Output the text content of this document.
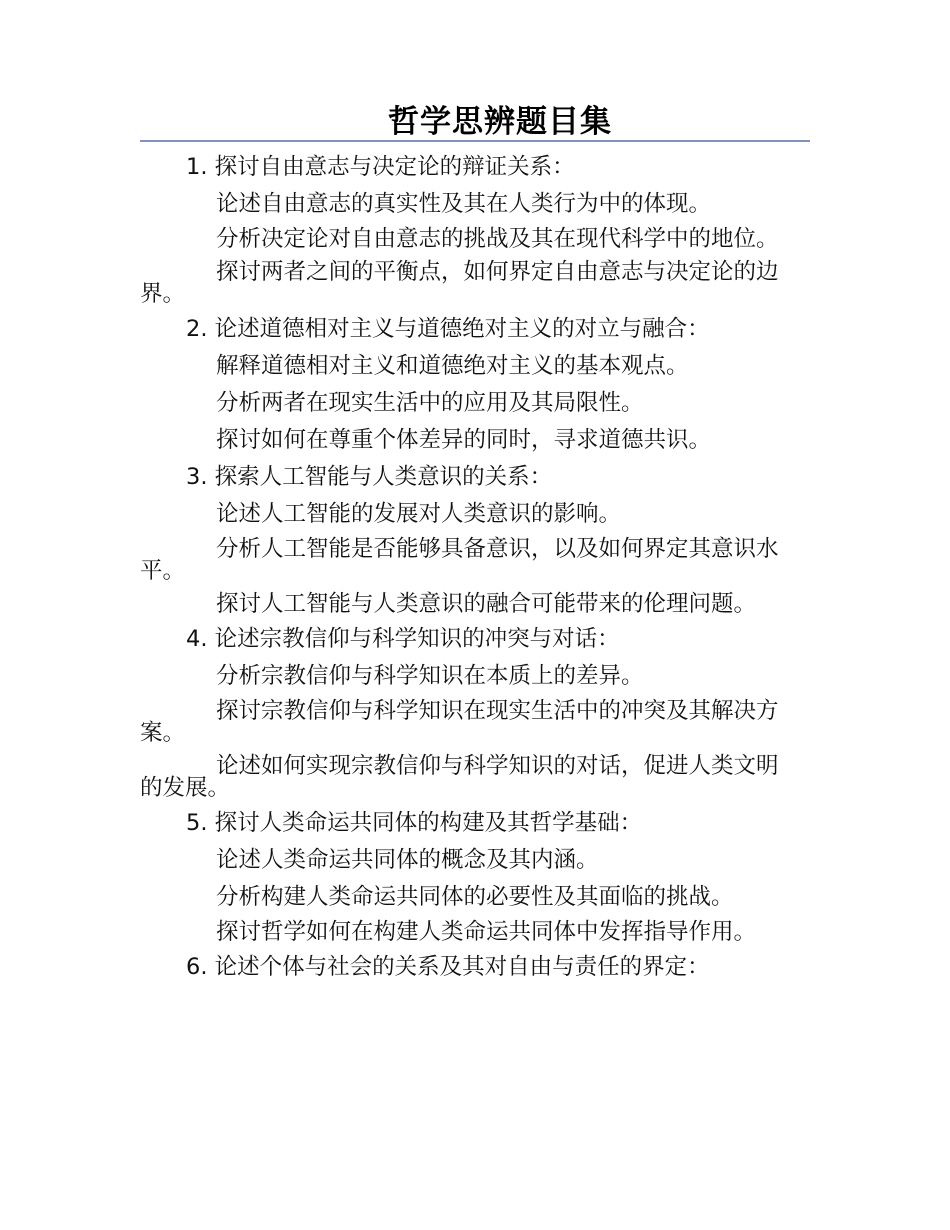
哲学思辨题目集
1. 探讨自由意志与决定论的辩证关系：
论述自由意志的真实性及其在人类行为中的体现。
分析决定论对自由意志的挑战及其在现代科学中的地位。
探讨两者之间的平衡点，如何界定自由意志与决定论的边界。
2. 论述道德相对主义与道德绝对主义的对立与融合：
解释道德相对主义和道德绝对主义的基本观点。
分析两者在现实生活中的应用及其局限性。
探讨如何在尊重个体差异的同时，寻求道德共识。
3. 探索人工智能与人类意识的关系：
论述人工智能的发展对人类意识的影响。
分析人工智能是否能够具备意识，以及如何界定其意识水平。
探讨人工智能与人类意识的融合可能带来的伦理问题。
4. 论述宗教信仰与科学知识的冲突与对话：
分析宗教信仰与科学知识在本质上的差异。
探讨宗教信仰与科学知识在现实生活中的冲突及其解决方案。
论述如何实现宗教信仰与科学知识的对话，促进人类文明的发展。
5. 探讨人类命运共同体的构建及其哲学基础：
论述人类命运共同体的概念及其内涵。
分析构建人类命运共同体的必要性及其面临的挑战。
探讨哲学如何在构建人类命运共同体中发挥指导作用。
6. 论述个体与社会的关系及其对自由与责任的界定：
